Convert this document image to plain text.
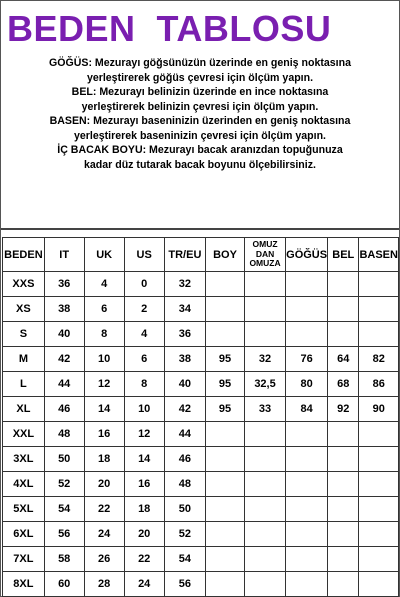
BEDEN  TABLOSU
GÖĞÜS: Mezurayı göğsünüzün üzerinde en geniş noktasına
yerleştirerek göğüs çevresi için ölçüm yapın.
BEL: Mezurayı belinizin üzerinde en ince noktasına
yerleştirerek belinizin çevresi için ölçüm yapın.
BASEN: Mezurayı baseninizin üzerinden en geniş noktasına
yerleştirerek baseninizin çevresi için ölçüm yapın.
İÇ BACAK BOYU: Mezurayı bacak aranızdan topuğunuza
kadar düz tutarak bacak boyunu ölçebilirsiniz.
BEDEN	IT	UK	US	TR/EU	BOY	OMUZ DAN OMUZA	GÖĞÜS	BEL	BASEN
XXS	36	4	0	32					
XS	38	6	2	34					
S	40	8	4	36					
M	42	10	6	38	95	32	76	64	82
L	44	12	8	40	95	32,5	80	68	86
XL	46	14	10	42	95	33	84	92	90
XXL	48	16	12	44					
3XL	50	18	14	46					
4XL	52	20	16	48					
5XL	54	22	18	50					
6XL	56	24	20	52					
7XL	58	26	22	54					
8XL	60	28	24	56					
